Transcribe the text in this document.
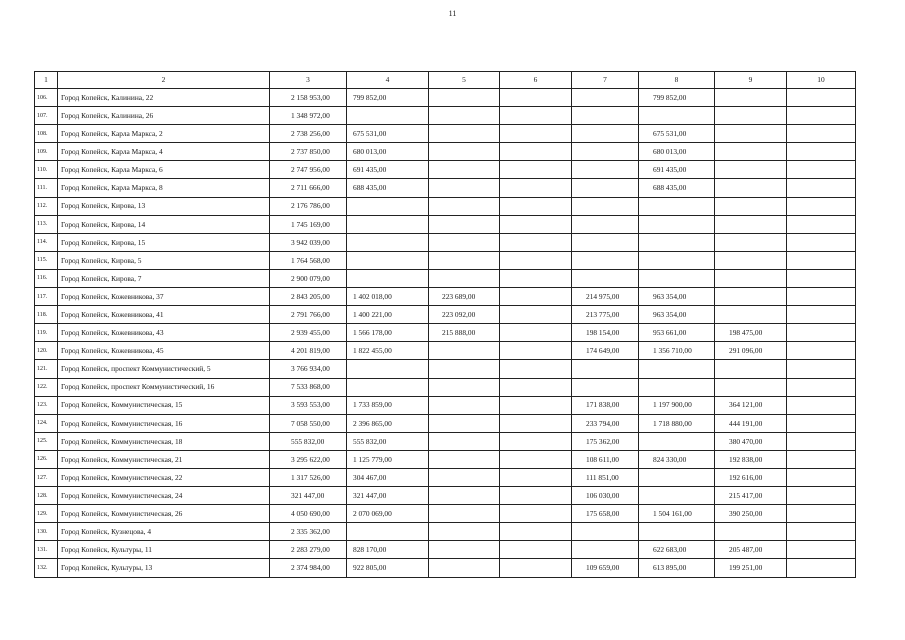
11
1	2	3	4	5	6	7	8	9	10
106.	Город Копейск, Калинина, 22	2 158 953,00	799 852,00				799 852,00		
107.	Город Копейск, Калинина, 26	1 348 972,00							
108.	Город Копейск, Карла Маркса, 2	2 738 256,00	675 531,00				675 531,00		
109.	Город Копейск, Карла Маркса, 4	2 737 850,00	680 013,00				680 013,00		
110.	Город Копейск, Карла Маркса, 6	2 747 956,00	691 435,00				691 435,00		
111.	Город Копейск, Карла Маркса, 8	2 711 666,00	688 435,00				688 435,00		
112.	Город Копейск, Кирова, 13	2 176 786,00							
113.	Город Копейск, Кирова, 14	1 745 169,00							
114.	Город Копейск, Кирова, 15	3 942 039,00							
115.	Город Копейск, Кирова, 5	1 764 568,00							
116.	Город Копейск, Кирова, 7	2 900 079,00							
117.	Город Копейск, Кожевникова, 37	2 843 205,00	1 402 018,00	223 689,00		214 975,00	963 354,00		
118.	Город Копейск, Кожевникова, 41	2 791 766,00	1 400 221,00	223 092,00		213 775,00	963 354,00		
119.	Город Копейск, Кожевникова, 43	2 939 455,00	1 566 178,00	215 888,00		198 154,00	953 661,00	198 475,00	
120.	Город Копейск, Кожевникова, 45	4 201 819,00	1 822 455,00			174 649,00	1 356 710,00	291 096,00	
121.	Город Копейск, проспект Коммунистический, 5	3 766 934,00							
122.	Город Копейск, проспект Коммунистический, 16	7 533 868,00							
123.	Город Копейск, Коммунистическая, 15	3 593 553,00	1 733 859,00			171 838,00	1 197 900,00	364 121,00	
124.	Город Копейск, Коммунистическая, 16	7 058 550,00	2 396 865,00			233 794,00	1 718 880,00	444 191,00	
125.	Город Копейск, Коммунистическая, 18	555 832,00	555 832,00			175 362,00		380 470,00	
126.	Город Копейск, Коммунистическая, 21	3 295 622,00	1 125 779,00			108 611,00	824 330,00	192 838,00	
127.	Город Копейск, Коммунистическая, 22	1 317 526,00	304 467,00			111 851,00		192 616,00	
128.	Город Копейск, Коммунистическая, 24	321 447,00	321 447,00			106 030,00		215 417,00	
129.	Город Копейск, Коммунистическая, 26	4 050 690,00	2 070 069,00			175 658,00	1 504 161,00	390 250,00	
130.	Город Копейск, Кузнецова, 4	2 335 362,00							
131.	Город Копейск, Культуры, 11	2 283 279,00	828 170,00				622 683,00	205 487,00	
132.	Город Копейск, Культуры, 13	2 374 984,00	922 805,00			109 659,00	613 895,00	199 251,00	
